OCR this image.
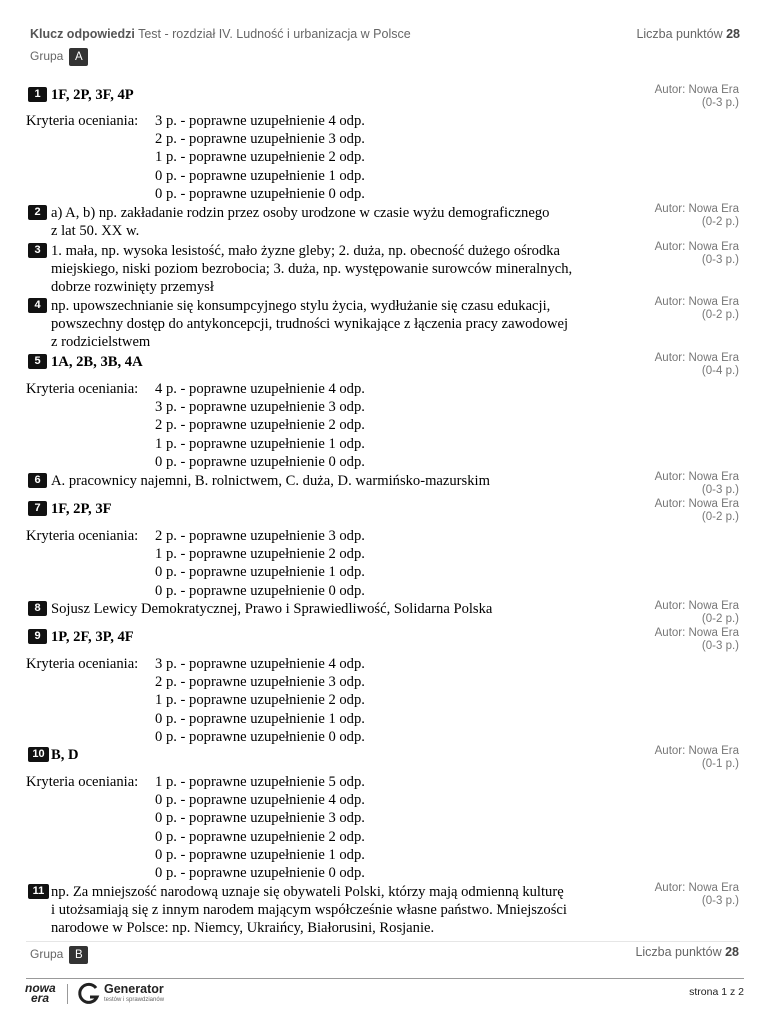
Klucz odpowiedzi Test - rozdział IV. Ludność i urbanizacja w Polsce	Liczba punktów 28
Grupa A
1 1F, 2P, 3F, 4P	Autor: Nowa Era
(0-3 p.)
Kryteria oceniania: 3 p. - poprawne uzupełnienie 4 odp.
2 p. - poprawne uzupełnienie 3 odp.
1 p. - poprawne uzupełnienie 2 odp.
0 p. - poprawne uzupełnienie 1 odp.
0 p. - poprawne uzupełnienie 0 odp.
2 a) A, b) np. zakładanie rodzin przez osoby urodzone w czasie wyżu demograficznego
z lat 50. XX w.
Autor: Nowa Era
(0-2 p.)
3 1. mała, np. wysoka lesistość, mało żyzne gleby; 2. duża, np. obecność dużego ośrodka
miejskiego, niski poziom bezrobocia; 3. duża, np. występowanie surowców mineralnych,
dobrze rozwinięty przemysł
Autor: Nowa Era
(0-3 p.)
4 np. upowszechnianie się konsumpcyjnego stylu życia, wydłużanie się czasu edukacji,
powszechny dostęp do antykoncepcji, trudności wynikające z łączenia pracy zawodowej
z rodzicielstwem
Autor: Nowa Era
(0-2 p.)
5 1A, 2B, 3B, 4A	Autor: Nowa Era
(0-4 p.)
Kryteria oceniania: 4 p. - poprawne uzupełnienie 4 odp.
3 p. - poprawne uzupełnienie 3 odp.
2 p. - poprawne uzupełnienie 2 odp.
1 p. - poprawne uzupełnienie 1 odp.
0 p. - poprawne uzupełnienie 0 odp.
6 A. pracownicy najemni, B. rolnictwem, C. duża, D. warmińsko-mazurskim	Autor: Nowa Era
(0-3 p.)
7 1F, 2P, 3F	Autor: Nowa Era
(0-2 p.)
Kryteria oceniania: 2 p. - poprawne uzupełnienie 3 odp.
1 p. - poprawne uzupełnienie 2 odp.
0 p. - poprawne uzupełnienie 1 odp.
0 p. - poprawne uzupełnienie 0 odp.
8 Sojusz Lewicy Demokratycznej, Prawo i Sprawiedliwość, Solidarna Polska	Autor: Nowa Era
(0-2 p.)
9 1P, 2F, 3P, 4F	Autor: Nowa Era
(0-3 p.)
Kryteria oceniania: 3 p. - poprawne uzupełnienie 4 odp.
2 p. - poprawne uzupełnienie 3 odp.
1 p. - poprawne uzupełnienie 2 odp.
0 p. - poprawne uzupełnienie 1 odp.
0 p. - poprawne uzupełnienie 0 odp.
10 B, D	Autor: Nowa Era
(0-1 p.)
Kryteria oceniania: 1 p. - poprawne uzupełnienie 5 odp.
0 p. - poprawne uzupełnienie 4 odp.
0 p. - poprawne uzupełnienie 3 odp.
0 p. - poprawne uzupełnienie 2 odp.
0 p. - poprawne uzupełnienie 1 odp.
0 p. - poprawne uzupełnienie 0 odp.
11 np. Za mniejszość narodową uznaje się obywateli Polski, którzy mają odmienną kulturę
i utożsamiają się z innym narodem mającym współcześnie własne państwo. Mniejszości
narodowe w Polsce: np. Niemcy, Ukraińcy, Białorusini, Rosjanie.
Autor: Nowa Era
(0-3 p.)
Grupa B	Liczba punktów 28
nowa
era
Generator
testów i sprawdzianów
strona 1 z 2
